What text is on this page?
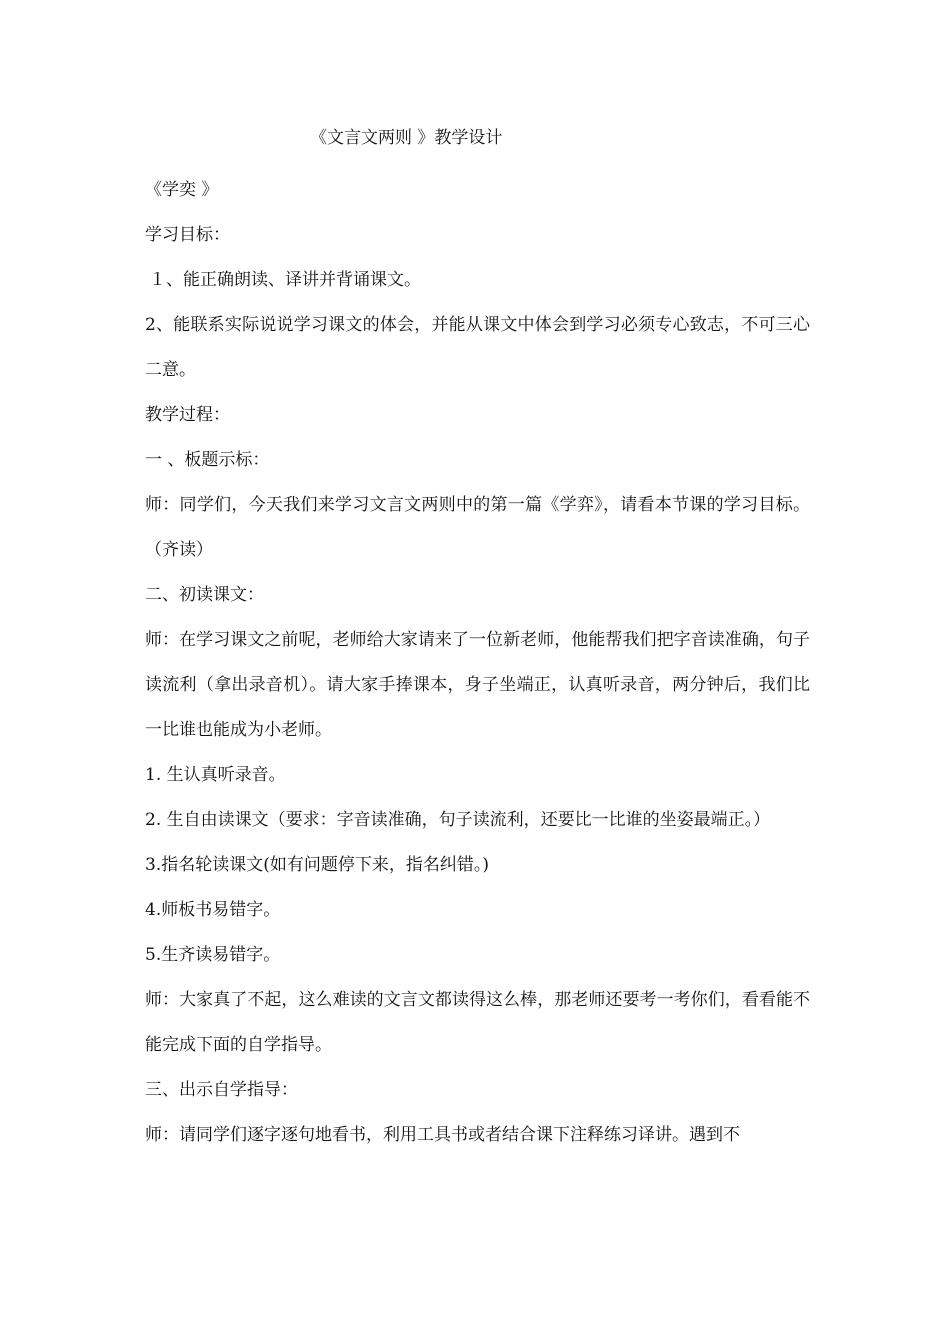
《文言文两则 》教学设计

《学奕 》

学习目标：

１、能正确朗读、译讲并背诵课文。

2、能联系实际说说学习课文的体会，并能从课文中体会到学习必须专心致志，不可三心二意。

教学过程：

一 、板题示标：

师：同学们，今天我们来学习文言文两则中的第一篇《学弈》，请看本节课的学习目标。（齐读）

二、初读课文：

师：在学习课文之前呢，老师给大家请来了一位新老师，他能帮我们把字音读准确，句子读流利（拿出录音机）。请大家手捧课本，身子坐端正，认真听录音，两分钟后，我们比一比谁也能成为小老师。

1. 生认真听录音。

2. 生自由读课文（要求：字音读准确，句子读流利，还要比一比谁的坐姿最端正。）

3.指名轮读课文(如有问题停下来，指名纠错。)

4.师板书易错字。

5.生齐读易错字。

师：大家真了不起，这么难读的文言文都读得这么棒，那老师还要考一考你们，看看能不能完成下面的自学指导。

三、出示自学指导：

师：请同学们逐字逐句地看书，利用工具书或者结合课下注释练习译讲。遇到不
